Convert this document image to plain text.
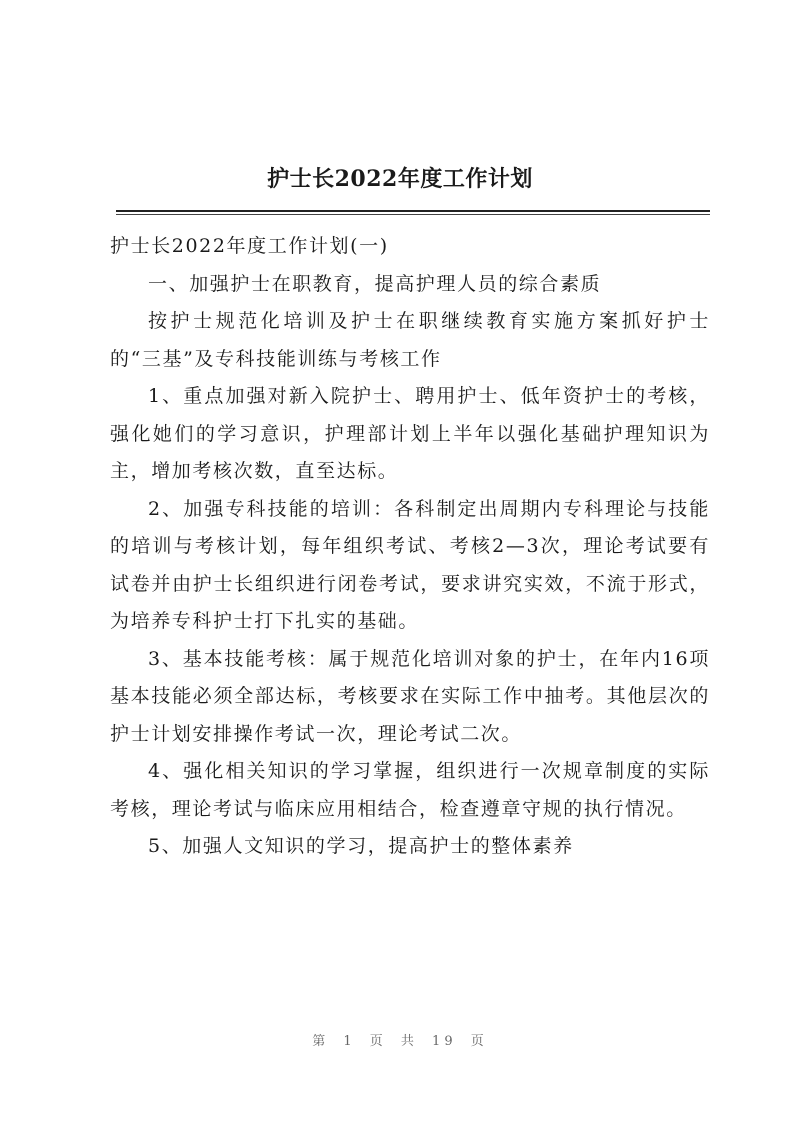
护士长2022年度工作计划

护士长2022年度工作计划(一)

一、加强护士在职教育，提高护理人员的综合素质

按护士规范化培训及护士在职继续教育实施方案抓好护士的“三基”及专科技能训练与考核工作

1、重点加强对新入院护士、聘用护士、低年资护士的考核，强化她们的学习意识，护理部计划上半年以强化基础护理知识为主，增加考核次数，直至达标。

2、加强专科技能的培训：各科制定出周期内专科理论与技能的培训与考核计划，每年组织考试、考核2—3次，理论考试要有试卷并由护士长组织进行闭卷考试，要求讲究实效，不流于形式，为培养专科护士打下扎实的基础。

3、基本技能考核：属于规范化培训对象的护士，在年内16项基本技能必须全部达标，考核要求在实际工作中抽考。其他层次的护士计划安排操作考试一次，理论考试二次。

4、强化相关知识的学习掌握，组织进行一次规章制度的实际考核，理论考试与临床应用相结合，检查遵章守规的执行情况。

5、加强人文知识的学习，提高护士的整体素养

第 1 页 共 19 页
